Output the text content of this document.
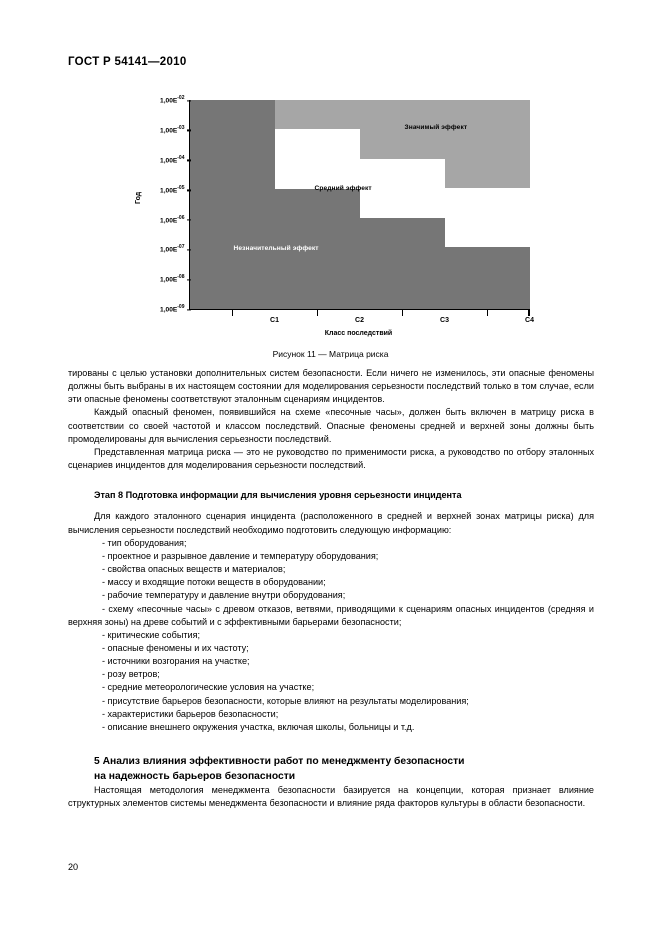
ГОСТ Р 54141—2010
Год
Незначительный эффект
Средний эффект
Значимый эффект
$1,00E^{-02}$
$1,00E^{-03}$
$1,00E^{-04}$
$1,00E^{-05}$
$1,00E^{-06}$
$1,00E^{-07}$
$1,00E^{-08}$
$1,00E^{-09}$
C1	C2	C3	C4
Класс последствий
Рисунок 11 — Матрица риска

тированы с целью установки дополнительных систем безопасности. Если ничего не изменилось, эти опасные феномены должны быть выбраны в их настоящем состоянии для моделирования серьезности последствий только в том случае, если эти опасные феномены соответствуют эталонным сценариям инцидентов.

Каждый опасный феномен, появившийся на схеме «песочные часы», должен быть включен в матрицу риска в соответствии со своей частотой и классом последствий. Опасные феномены средней и верхней зоны должны быть промоделированы для вычисления серьезности последствий.

Представленная матрица риска — это не руководство по применимости риска, а руководство по отбору эталонных сценариев инцидентов для моделирования серьезности последствий.

Этап 8 Подготовка информации для вычисления уровня серьезности инцидента

Для каждого эталонного сценария инцидента (расположенного в средней и верхней зонах матрицы риска) для вычисления серьезности последствий необходимо подготовить следующую информацию:

- тип оборудования;
- проектное и разрывное давление и температуру оборудования;
- свойства опасных веществ и материалов;
- массу и входящие потоки веществ в оборудовании;
- рабочие температуру и давление внутри оборудования;
- схему «песочные часы» с древом отказов, ветвями, приводящими к сценариям опасных инцидентов (средняя и верхняя зоны) на древе событий и с эффективными барьерами безопасности;
- критические события;
- опасные феномены и их частоту;
- источники возгорания на участке;
- розу ветров;
- средние метеорологические условия на участке;
- присутствие барьеров безопасности, которые влияют на результаты моделирования;
- характеристики барьеров безопасности;
- описание внешнего окружения участка, включая школы, больницы и т.д.
5 Анализ влияния эффективности работ по менеджменту безопасности
на надежность барьеров безопасности

Настоящая методология менеджмента безопасности базируется на концепции, которая признает влияние структурных элементов системы менеджмента безопасности и влияние ряда факторов культуры в области безопасности.

20
